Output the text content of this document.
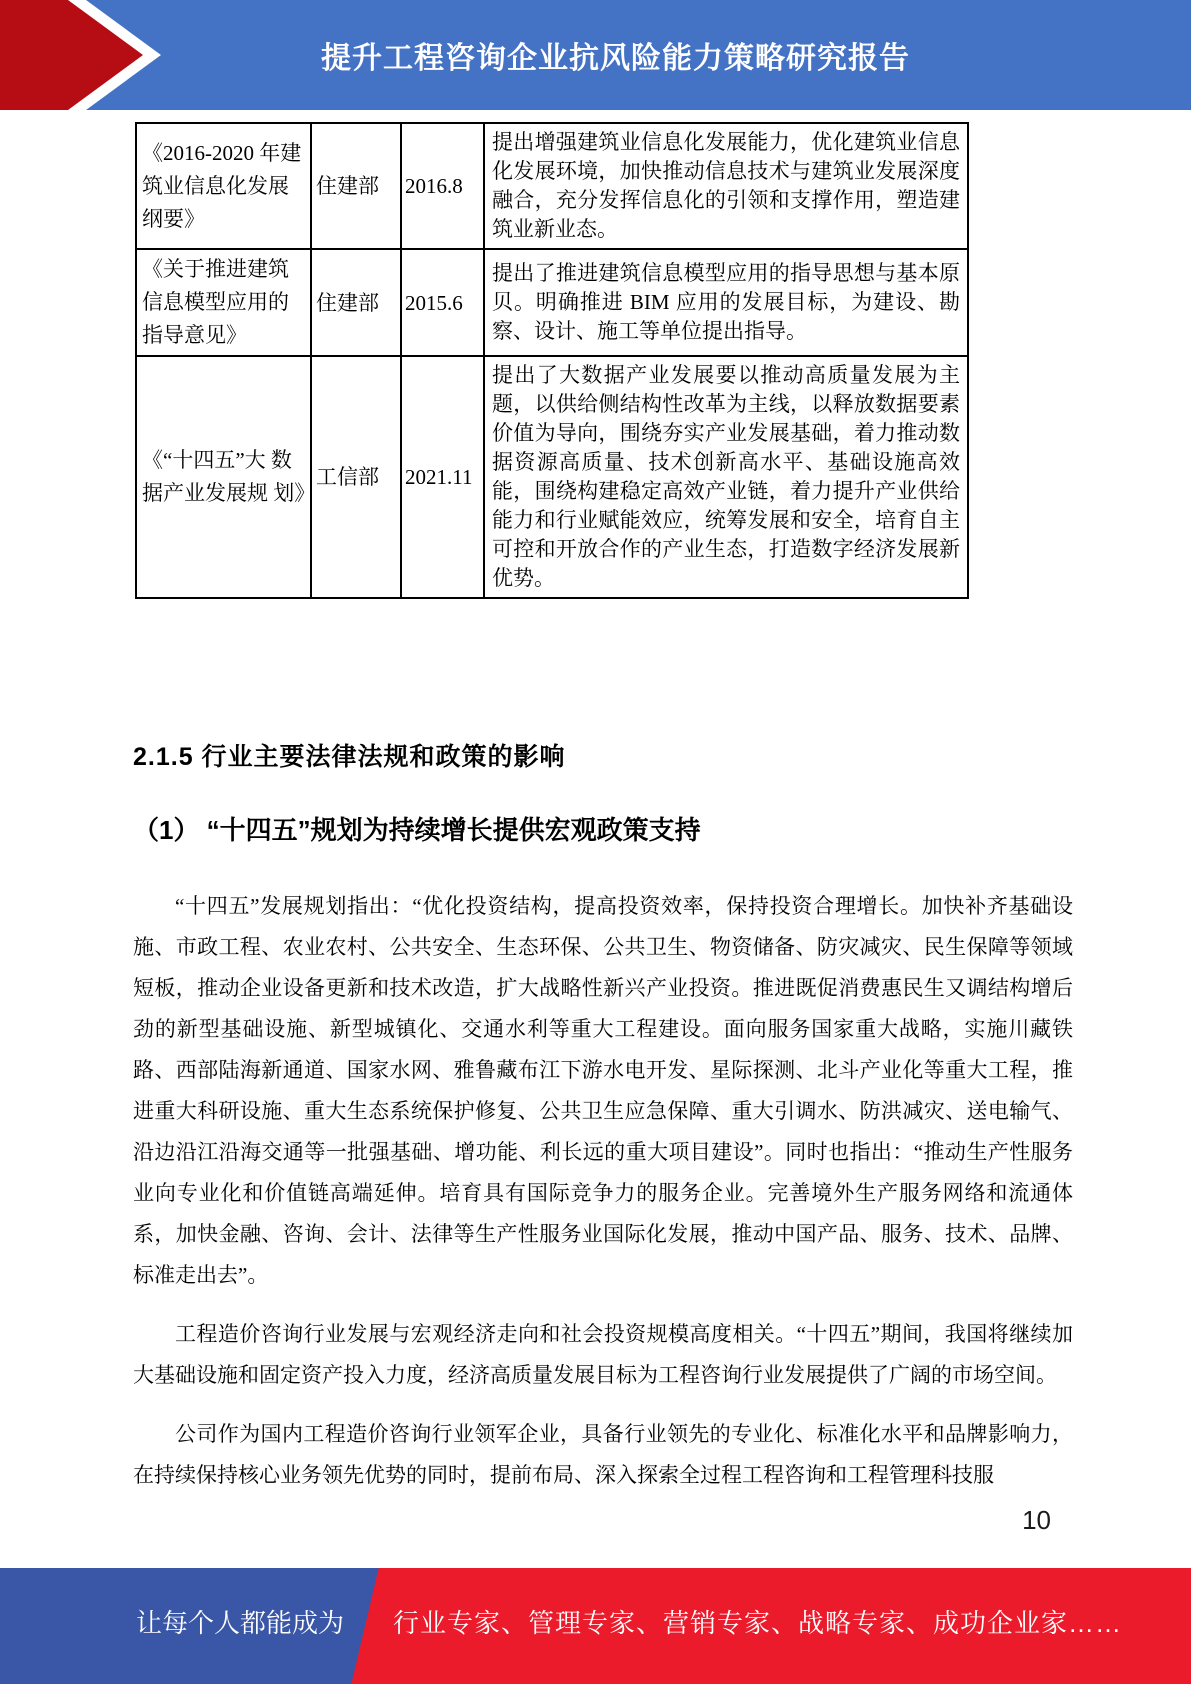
提升工程咨询企业抗风险能力策略研究报告
《2016-2020 年建筑业信息化发展 纲要》	住建部	2016.8	提出增强建筑业信息化发展能力，优化建筑业信息化发展环境，加快推动信息技术与建筑业发展深度融合，充分发挥信息化的引领和支撑作用，塑造建筑业新业态。
《关于推进建筑 信息模型应用的 指导意见》	住建部	2015.6	提出了推进建筑信息模型应用的指导思想与基本原贝。明确推进 BIM 应用的发展目标，为建设、勘察、设计、施工等单位提出指导。
《“十四五”大 数据产业发展规 划》	工信部	2021.11	提出了大数据产业发展要以推动高质量发展为主题，以供给侧结构性改革为主线，以释放数据要素价值为导向，围绕夯实产业发展基础，着力推动数据资源高质量、技术创新高水平、基础设施高效能，围绕构建稳定高效产业链，着力提升产业供给能力和行业赋能效应，统筹发展和安全，培育自主可控和开放合作的产业生态，打造数字经济发展新优势。
2.1.5 行业主要法律法规和政策的影响
（1） “十四五”规划为持续增长提供宏观政策支持

“十四五”发展规划指出：“优化投资结构，提高投资效率，保持投资合理增长。加快补齐基础设施、市政工程、农业农村、公共安全、生态环保、公共卫生、物资储备、防灾减灾、民生保障等领域短板，推动企业设备更新和技术改造，扩大战略性新兴产业投资。推进既促消费惠民生又调结构增后劲的新型基础设施、新型城镇化、交通水利等重大工程建设。面向服务国家重大战略，实施川藏铁路、西部陆海新通道、国家水网、雅鲁藏布江下游水电开发、星际探测、北斗产业化等重大工程，推进重大科研设施、重大生态系统保护修复、公共卫生应急保障、重大引调水、防洪减灾、送电输气、沿边沿江沿海交通等一批强基础、增功能、利长远的重大项目建设”。同时也指出：“推动生产性服务业向专业化和价值链高端延伸。培育具有国际竞争力的服务企业。完善境外生产服务网络和流通体系，加快金融、咨询、会计、法律等生产性服务业国际化发展，推动中国产品、服务、技术、品牌、标准走出去”。

工程造价咨询行业发展与宏观经济走向和社会投资规模高度相关。“十四五”期间，我国将继续加大基础设施和固定资产投入力度，经济高质量发展目标为工程咨询行业发展提供了广阔的市场空间。

公司作为国内工程造价咨询行业领军企业，具备行业领先的专业化、标准化水平和品牌影响力，在持续保持核心业务领先优势的同时，提前布局、深入探索全过程工程咨询和工程管理科技服

10
让每个人都能成为 行业专家、管理专家、营销专家、战略专家、成功企业家……
